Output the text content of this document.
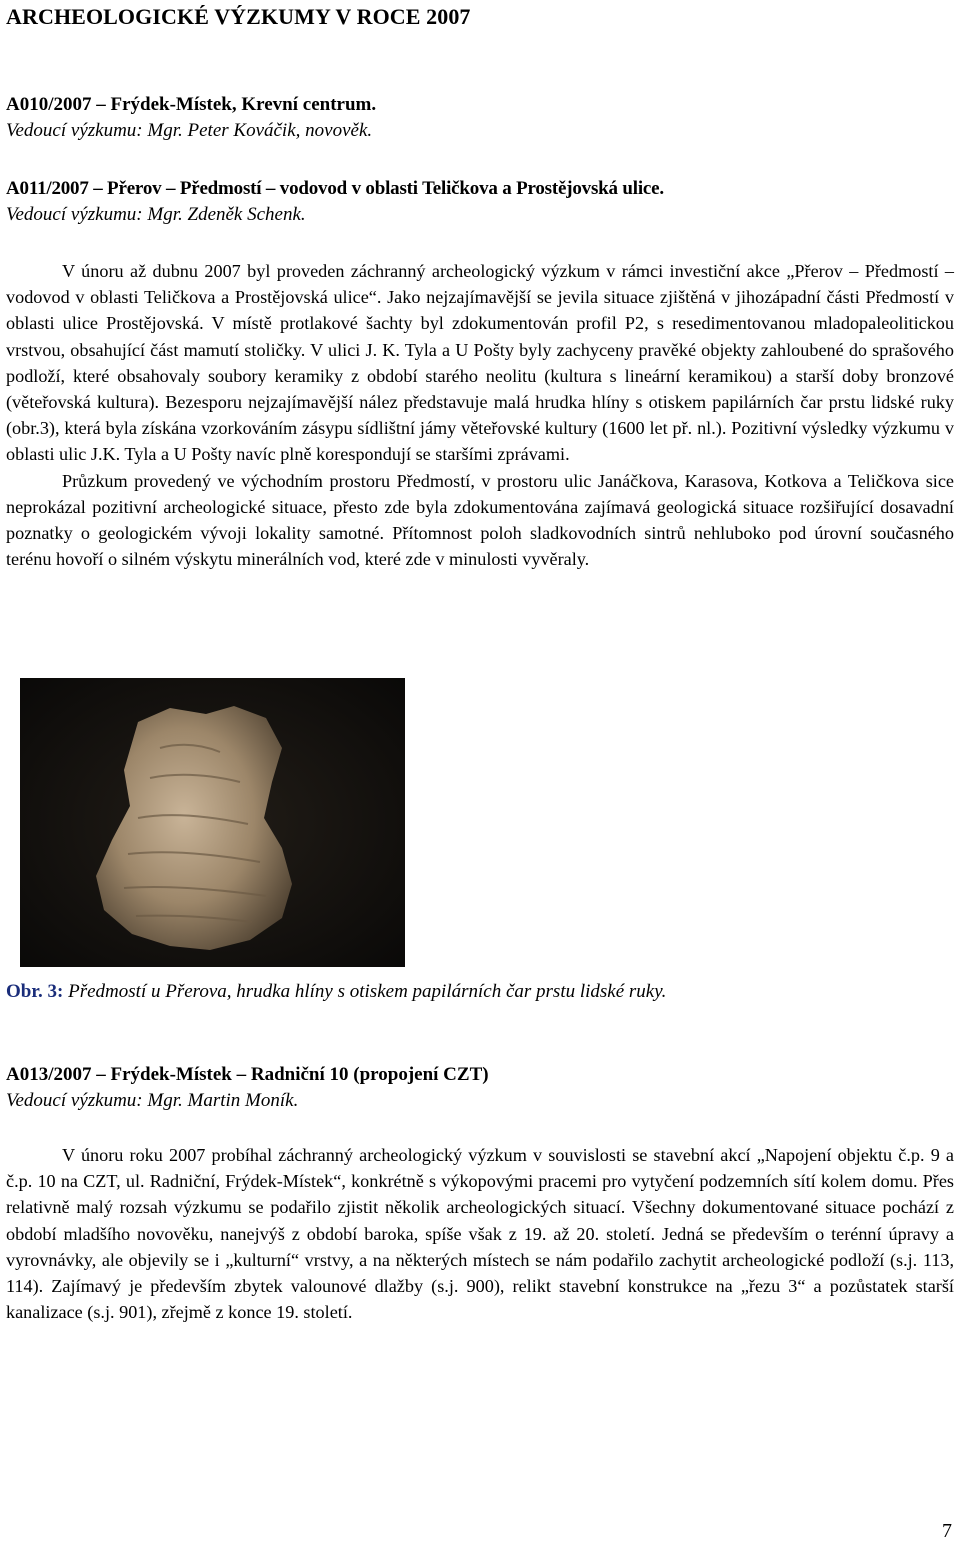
ARCHEOLOGICKÉ VÝZKUMY V ROCE 2007
A010/2007 – Frýdek-Místek, Krevní centrum.
Vedoucí výzkumu: Mgr. Peter Kováčik, novověk.
A011/2007 – Přerov – Předmostí – vodovod v oblasti Teličkova a Prostějovská ulice.
Vedoucí výzkumu: Mgr. Zdeněk Schenk.

V únoru až dubnu 2007 byl proveden záchranný archeologický výzkum v rámci investiční akce „Přerov – Předmostí – vodovod v oblasti Teličkova a Prostějovská ulice“. Jako nejzajímavější se jevila situace zjištěná v jihozápadní části Předmostí v oblasti ulice Prostějovská. V místě protlakové šachty byl zdokumentován profil P2, s resedimentovanou mladopaleolitickou vrstvou, obsahující část mamutí stoličky. V ulici J. K. Tyla a U Pošty byly zachyceny pravěké objekty zahloubené do sprašového podloží, které obsahovaly soubory keramiky z období starého neolitu (kultura s lineární keramikou) a starší doby bronzové (věteřovská kultura). Bezesporu nejzajímavější nález představuje malá hrudka hlíny s otiskem papilárních čar prstu lidské ruky (obr.3), která byla získána vzorkováním zásypu sídlištní jámy věteřovské kultury (1600 let př. nl.). Pozitivní výsledky výzkumu v oblasti ulic J.K. Tyla a U Pošty navíc plně korespondují se staršími zprávami.

Průzkum provedený ve východním prostoru Předmostí, v prostoru ulic Janáčkova, Karasova, Kotkova a Teličkova sice neprokázal pozitivní archeologické situace, přesto zde byla zdokumentována zajímavá geologická situace rozšiřující dosavadní poznatky o geologickém vývoji lokality samotné. Přítomnost poloh sladkovodních sintrů nehluboko pod úrovní současného terénu hovoří o silném výskytu minerálních vod, které zde v minulosti vyvěraly.

Obr. 3: Předmostí u Přerova, hrudka hlíny s otiskem papilárních čar prstu lidské ruky.
A013/2007 – Frýdek-Místek – Radniční 10 (propojení CZT)
Vedoucí výzkumu: Mgr. Martin Moník.

V únoru roku 2007 probíhal záchranný archeologický výzkum v souvislosti se stavební akcí „Napojení objektu č.p. 9 a č.p. 10 na CZT, ul. Radniční, Frýdek-Místek“, konkrétně s výkopovými pracemi pro vytyčení podzemních sítí kolem domu. Přes relativně malý rozsah výzkumu se podařilo zjistit několik archeologických situací. Všechny dokumentované situace pochází z období mladšího novověku, nanejvýš z období baroka, spíše však z 19. až 20. století. Jedná se především o terénní úpravy a vyrovnávky, ale objevily se i „kulturní“ vrstvy, a na některých místech se nám podařilo zachytit archeologické podloží (s.j. 113, 114). Zajímavý je především zbytek valounové dlažby (s.j. 900), relikt stavební konstrukce na „řezu 3“ a pozůstatek starší kanalizace (s.j. 901), zřejmě z konce 19. století.

7
